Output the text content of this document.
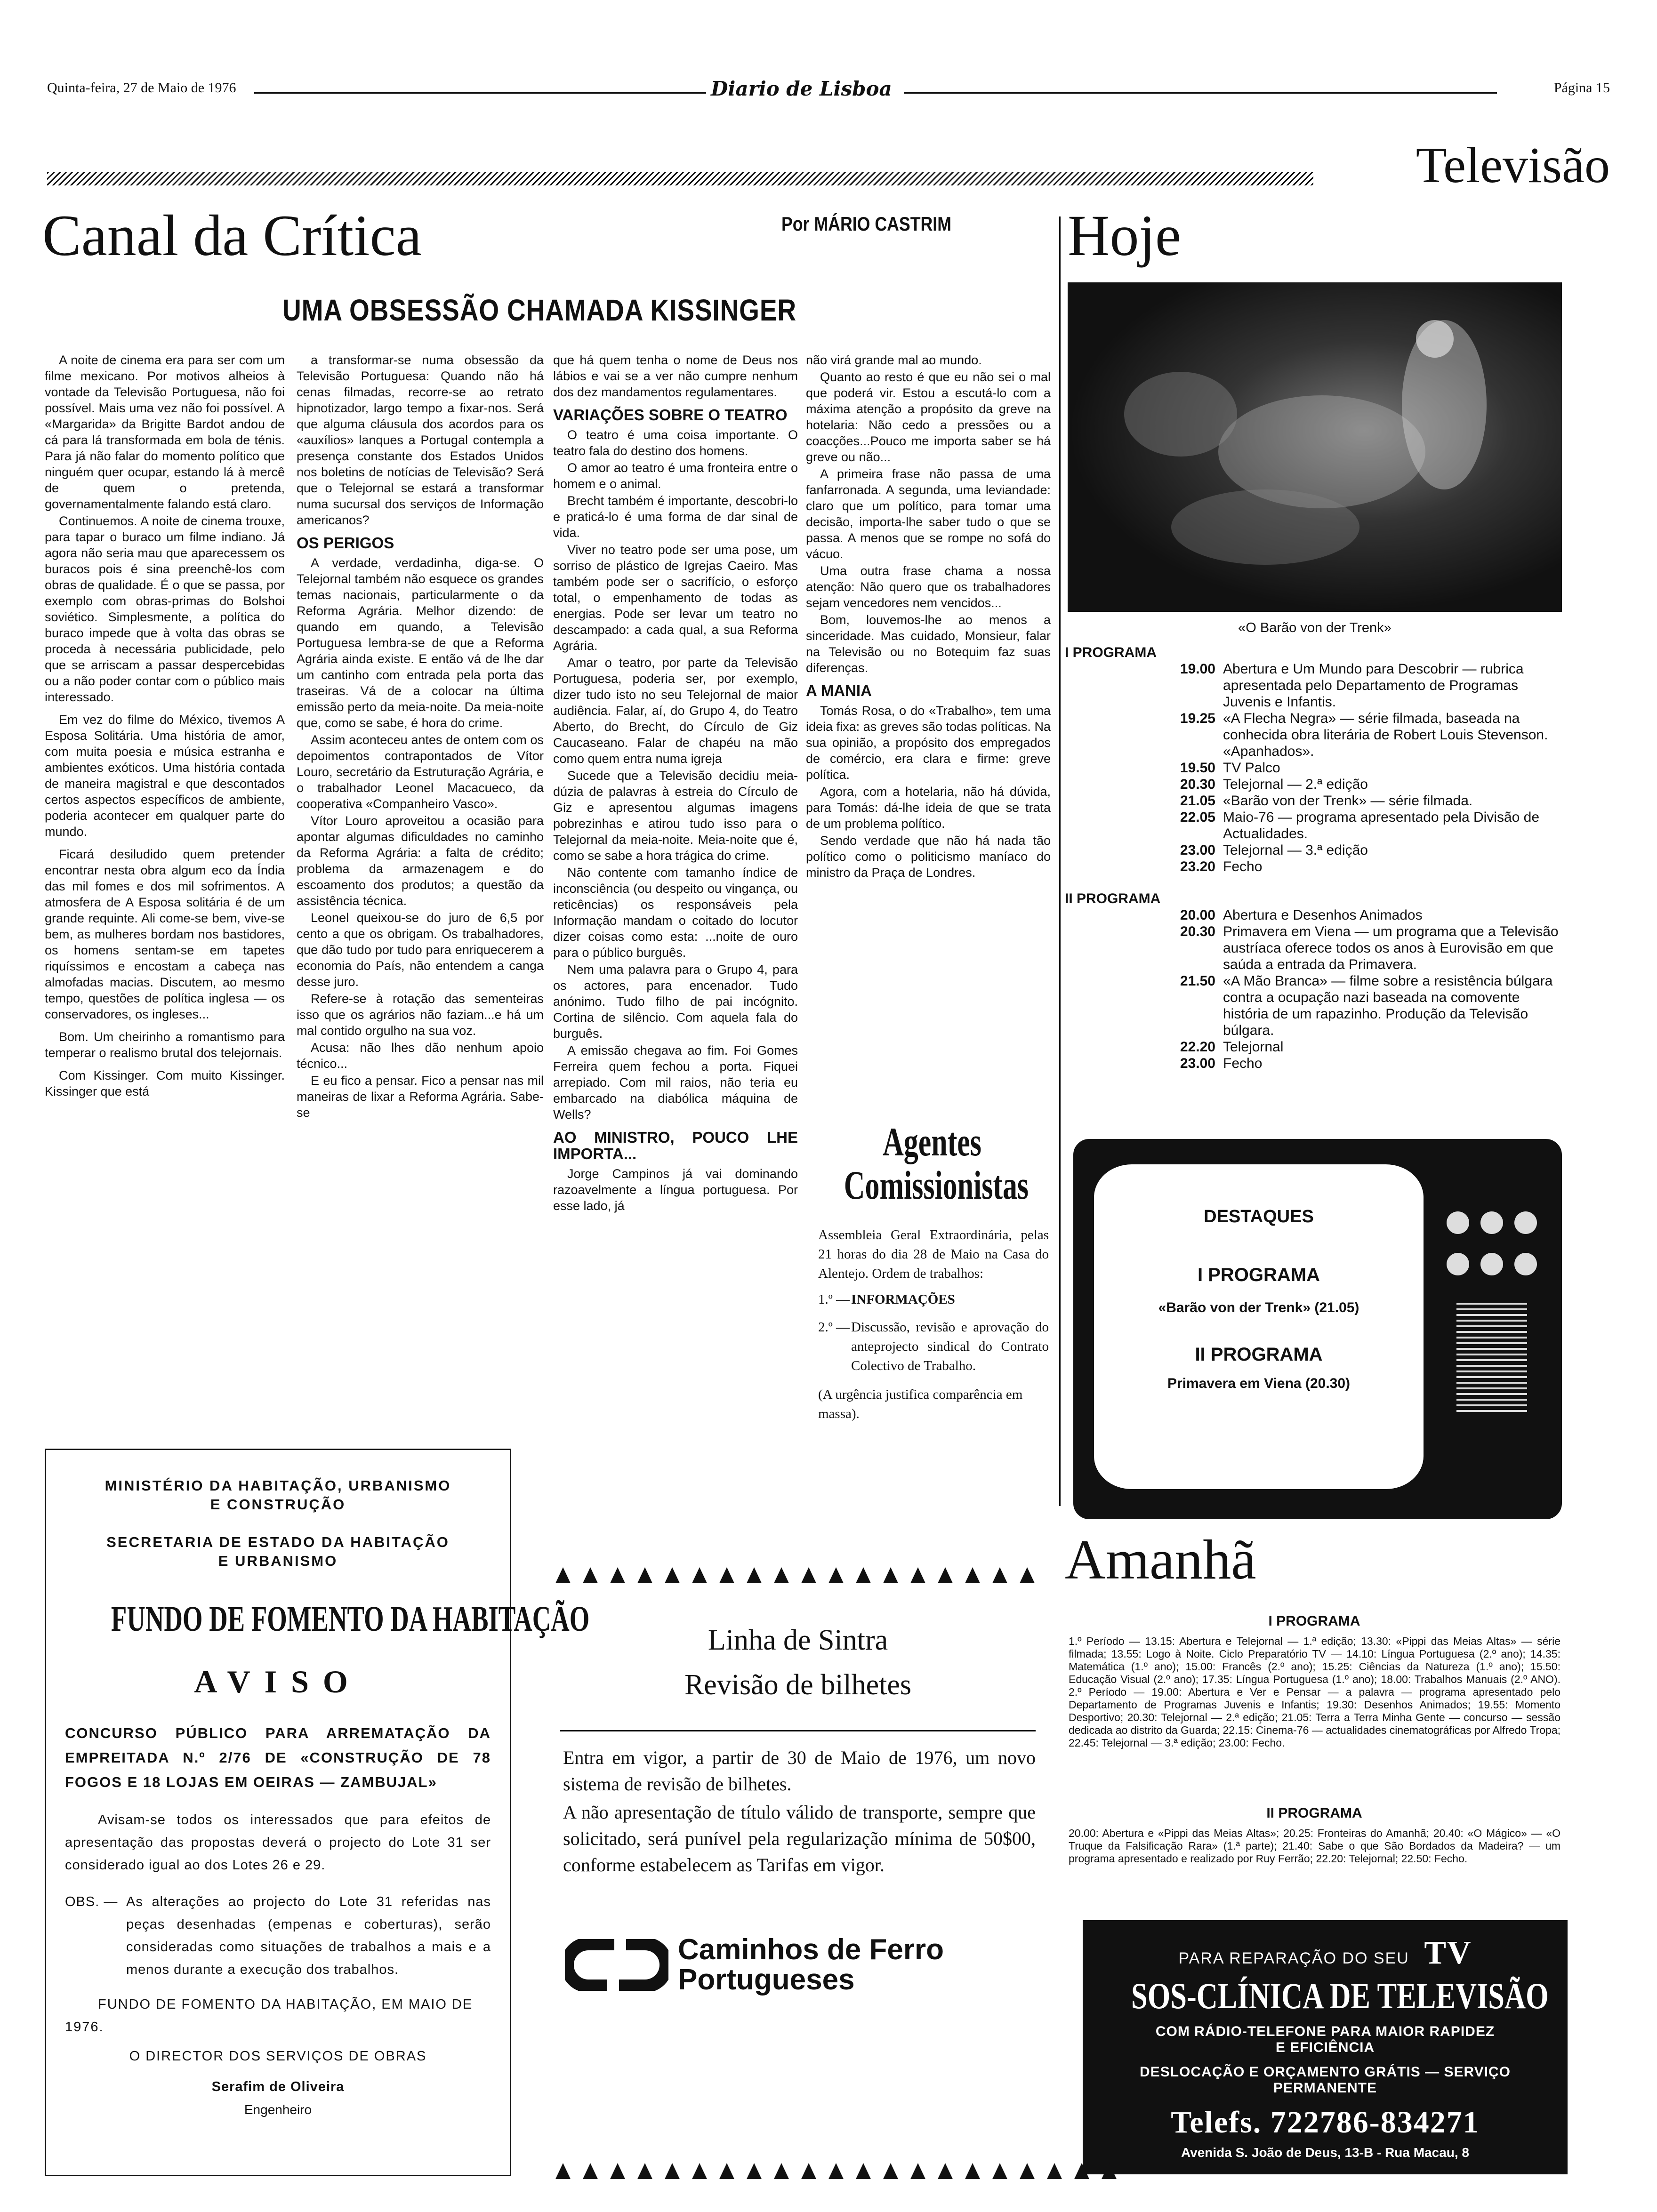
Quinta-feira, 27 de Maio de 1976	Diario de Lisboa	Página 15
Televisão
Canal da Crítica	Por MÁRIO CASTRIM
UMA OBSESSÃO CHAMADA KISSINGER

A noite de cinema era para ser com um filme mexicano. Por motivos alheios à vontade da Televisão Portuguesa, não foi possível. Mais uma vez não foi possível. A «Margarida» da Brigitte Bardot andou de cá para lá transformada em bola de ténis. Para já não falar do momento político que ninguém quer ocupar, estando lá à mercê de quem o pretenda, governamentalmente falando está claro.

Continuemos. A noite de cinema trouxe, para tapar o buraco um filme indiano. Já agora não seria mau que aparecessem os buracos pois é sina preenchê-los com obras de qualidade. É o que se passa, por exemplo com obras-primas do Bolshoi soviético. Simplesmente, a política do buraco impede que à volta das obras se proceda à necessária publicidade, pelo que se arriscam a passar despercebidas ou a não poder contar com o público mais interessado.

Em vez do filme do México, tivemos A Esposa Solitária. Uma história de amor, com muita poesia e música estranha e ambientes exóticos. Uma história contada de maneira magistral e que descontados certos aspectos específicos de ambiente, poderia acontecer em qualquer parte do mundo.

Ficará desiludido quem pretender encontrar nesta obra algum eco da Índia das mil fomes e dos mil sofrimentos. A atmosfera de A Esposa solitária é de um grande requinte. Ali come-se bem, vive-se bem, as mulheres bordam nos bastidores, os homens sentam-se em tapetes riquíssimos e encostam a cabeça nas almofadas macias. Discutem, ao mesmo tempo, questões de política inglesa — os conservadores, os ingleses...

Bom. Um cheirinho a romantismo para temperar o realismo brutal dos telejornais.

Com Kissinger. Com muito Kissinger. Kissinger que está

a transformar-se numa obsessão da Televisão Portuguesa: Quando não há cenas filmadas, recorre-se ao retrato hipnotizador, largo tempo a fixar-nos. Será que alguma cláusula dos acordos para os «auxílios» lanques a Portugal contempla a presença constante dos Estados Unidos nos boletins de notícias de Televisão? Será que o Telejornal se estará a transformar numa sucursal dos serviços de Informação americanos?

OS PERIGOS

A verdade, verdadinha, diga-se. O Telejornal também não esquece os grandes temas nacionais, particularmente o da Reforma Agrária. Melhor dizendo: de quando em quando, a Televisão Portuguesa lembra-se de que a Reforma Agrária ainda existe. E então vá de lhe dar um cantinho com entrada pela porta das traseiras. Vá de a colocar na última emissão perto da meia-noite. Da meia-noite que, como se sabe, é hora do crime.

Assim aconteceu antes de ontem com os depoimentos contrapontados de Vítor Louro, secretário da Estruturação Agrária, e o trabalhador Leonel Macacueco, da cooperativa «Companheiro Vasco».

Vítor Louro aproveitou a ocasião para apontar algumas dificuldades no caminho da Reforma Agrária: a falta de crédito; problema da armazenagem e do escoamento dos produtos; a questão da assistência técnica.

Leonel queixou-se do juro de 6,5 por cento a que os obrigam. Os trabalhadores, que dão tudo por tudo para enriquecerem a economia do País, não entendem a canga desse juro.

Refere-se à rotação das sementeiras isso que os agrários não faziam...e há um mal contido orgulho na sua voz.

Acusa: não lhes dão nenhum apoio técnico...

E eu fico a pensar. Fico a pensar nas mil maneiras de lixar a Reforma Agrária. Sabe-se

que há quem tenha o nome de Deus nos lábios e vai se a ver não cumpre nenhum dos dez mandamentos regulamentares.

VARIAÇÕES SOBRE O TEATRO

O teatro é uma coisa importante. O teatro fala do destino dos homens.

O amor ao teatro é uma fronteira entre o homem e o animal.

Brecht também é importante, descobri-lo e praticá-lo é uma forma de dar sinal de vida.

Viver no teatro pode ser uma pose, um sorriso de plástico de Igrejas Caeiro. Mas também pode ser o sacrifício, o esforço total, o empenhamento de todas as energias. Pode ser levar um teatro no descampado: a cada qual, a sua Reforma Agrária.

Amar o teatro, por parte da Televisão Portuguesa, poderia ser, por exemplo, dizer tudo isto no seu Telejornal de maior audiência. Falar, aí, do Grupo 4, do Teatro Aberto, do Brecht, do Círculo de Giz Caucaseano. Falar de chapéu na mão como quem entra numa igreja

Sucede que a Televisão decidiu meia-dúzia de palavras à estreia do Círculo de Giz e apresentou algumas imagens pobrezinhas e atirou tudo isso para o Telejornal da meia-noite. Meia-noite que é, como se sabe a hora trágica do crime.

Não contente com tamanho índice de inconsciência (ou despeito ou vingança, ou reticências) os responsáveis pela Informação mandam o coitado do locutor dizer coisas como esta: ...noite de ouro para o público burguês.

Nem uma palavra para o Grupo 4, para os actores, para encenador. Tudo anónimo. Tudo filho de pai incógnito. Cortina de silêncio. Com aquela fala do burguês.

A emissão chegava ao fim. Foi Gomes Ferreira quem fechou a porta. Fiquei arrepiado. Com mil raios, não teria eu embarcado na diabólica máquina de Wells?

AO MINISTRO, POUCO LHE IMPORTA...

Jorge Campinos já vai dominando razoavelmente a língua portuguesa. Por esse lado, já

não virá grande mal ao mundo.

Quanto ao resto é que eu não sei o mal que poderá vir. Estou a escutá-lo com a máxima atenção a propósito da greve na hotelaria: Não cedo a pressões ou a coacções...Pouco me importa saber se há greve ou não...

A primeira frase não passa de uma fanfarronada. A segunda, uma leviandade: claro que um político, para tomar uma decisão, importa-lhe saber tudo o que se passa. A menos que se rompe no sofá do vácuo.

Uma outra frase chama a nossa atenção: Não quero que os trabalhadores sejam vencedores nem vencidos...

Bom, louvemos-lhe ao menos a sinceridade. Mas cuidado, Monsieur, falar na Televisão ou no Botequim faz suas diferenças.

A MANIA

Tomás Rosa, o do «Trabalho», tem uma ideia fixa: as greves são todas políticas. Na sua opinião, a propósito dos empregados de comércio, era clara e firme: greve política.

Agora, com a hotelaria, não há dúvida, para Tomás: dá-lhe ideia de que se trata de um problema político.

Sendo verdade que não há nada tão político como o politicismo maníaco do ministro da Praça de Londres.

Agentes Comissionistas
Assembleia Geral Extraordinária, pelas 21 horas do dia 28 de Maio na Casa do Alentejo. Ordem de trabalhos:
1.º — INFORMAÇÕES
2.º — Discussão, revisão e aprovação do anteprojecto sindical do Contrato Colectivo de Trabalho.
(A urgência justifica comparência em massa).
Hoje
«O Barão von der Trenk»
I PROGRAMA
19.00 Abertura e Um Mundo para Descobrir — rubrica apresentada pelo Departamento de Programas Juvenis e Infantis.
19.25 «A Flecha Negra» — série filmada, baseada na conhecida obra literária de Robert Louis Stevenson. «Apanhados».
19.50 TV Palco
20.30 Telejornal — 2.ª edição
21.05 «Barão von der Trenk» — série filmada.
22.05 Maio-76 — programa apresentado pela Divisão de Actualidades.
23.00 Telejornal — 3.ª edição
23.20 Fecho
II PROGRAMA
20.00 Abertura e Desenhos Animados
20.30 Primavera em Viena — um programa que a Televisão austríaca oferece todos os anos à Eurovisão em que saúda a entrada da Primavera.
21.50 «A Mão Branca» — filme sobre a resistência búlgara contra a ocupação nazi baseada na comovente história de um rapazinho. Produção da Televisão búlgara.
22.20 Telejornal
23.00 Fecho
DESTAQUES
I PROGRAMA
«Barão von der Trenk» (21.05)
II PROGRAMA
Primavera em Viena (20.30)
Amanhã
I PROGRAMA
1.º Período — 13.15: Abertura e Telejornal — 1.ª edição; 13.30: «Pippi das Meias Altas» — série filmada; 13.55: Logo à Noite. Ciclo Preparatório TV — 14.10: Língua Portuguesa (2.º ano); 14.35: Matemática (1.º ano); 15.00: Francês (2.º ano); 15.25: Ciências da Natureza (1.º ano); 15.50: Educação Visual (2.º ano); 17.35: Língua Portuguesa (1.º ano); 18.00: Trabalhos Manuais (2.º ANO). 2.º Período — 19.00: Abertura e Ver e Pensar — a palavra — programa apresentado pelo Departamento de Programas Juvenis e Infantis; 19.30: Desenhos Animados; 19.55: Momento Desportivo; 20.30: Telejornal — 2.ª edição; 21.05: Terra a Terra Minha Gente — concurso — sessão dedicada ao distrito da Guarda; 22.15: Cinema-76 — actualidades cinematográficas por Alfredo Tropa; 22.45: Telejornal — 3.ª edição; 23.00: Fecho.
II PROGRAMA
20.00: Abertura e «Pippi das Meias Altas»; 20.25: Fronteiras do Amanhã; 20.40: «O Mágico» — «O Truque da Falsificação Rara» (1.ª parte); 21.40: Sabe o que São Bordados da Madeira? — um programa apresentado e realizado por Ruy Ferrão; 22.20: Telejornal; 22.50: Fecho.
PARA REPARAÇÃO DO SEU TV
SOS-CLÍNICA DE TELEVISÃO
COM RÁDIO-TELEFONE PARA MAIOR RAPIDEZ
E EFICIÊNCIA
DESLOCAÇÃO E ORÇAMENTO GRÁTIS — SERVIÇO
PERMANENTE
Telefs. 722786-834271
Avenida S. João de Deus, 13-B - Rua Macau, 8
MINISTÉRIO DA HABITAÇÃO, URBANISMO
E CONSTRUÇÃO
SECRETARIA DE ESTADO DA HABITAÇÃO
E URBANISMO
FUNDO DE FOMENTO DA HABITAÇÃO
AVISO
CONCURSO PÚBLICO PARA ARREMATAÇÃO DA EMPREITADA N.º 2/76 DE «CONSTRUÇÃO DE 78 FOGOS E 18 LOJAS EM OEIRAS — ZAMBUJAL»
Avisam-se todos os interessados que para efeitos de apresentação das propostas deverá o projecto do Lote 31 ser considerado igual ao dos Lotes 26 e 29.
OBS. — As alterações ao projecto do Lote 31 referidas nas peças desenhadas (empenas e coberturas), serão consideradas como situações de trabalhos a mais e a menos durante a execução dos trabalhos.
FUNDO DE FOMENTO DA HABITAÇÃO, EM MAIO DE 1976.
O DIRECTOR DOS SERVIÇOS DE OBRAS
Serafim de Oliveira
Engenheiro
Linha de Sintra
Revisão de bilhetes
Entra em vigor, a partir de 30 de Maio de 1976, um novo sistema de revisão de bilhetes.
A não apresentação de título válido de transporte, sempre que solicitado, será punível pela regularização mínima de 50$00, conforme estabelecem as Tarifas em vigor.
Caminhos de Ferro
Portugueses
